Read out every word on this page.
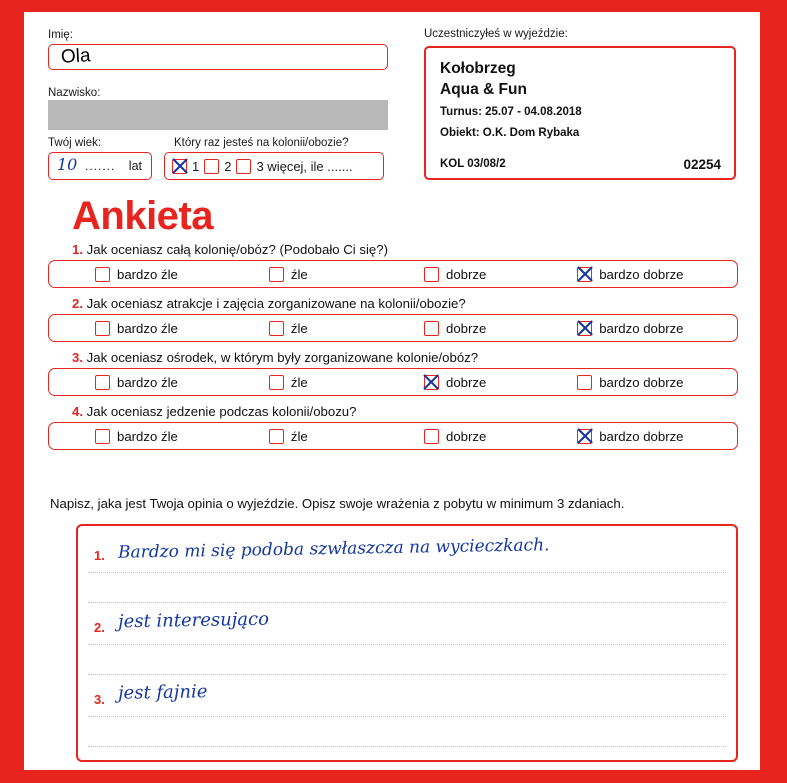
Imię:
Ola
Nazwisko:
Twój wiek:
10 ....... lat
Który raz jesteś na kolonii/obozie?
1 2 3 więcej, ile .......
Uczestniczyłeś w wyjeździe:
Kołobrzeg
Aqua & Fun
Turnus: 25.07 - 04.08.2018
Obiekt: O.K. Dom Rybaka
KOL 03/08/2	02254
Ankieta
1. Jak oceniasz całą kolonię/obóz? (Podobało Ci się?)
bardzo źle	źle	dobrze	bardzo dobrze
2. Jak oceniasz atrakcje i zajęcia zorganizowane na kolonii/obozie?
bardzo źle	źle	dobrze	bardzo dobrze
3. Jak oceniasz ośrodek, w którym były zorganizowane kolonie/obóz?
bardzo źle	źle	dobrze	bardzo dobrze
4. Jak oceniasz jedzenie podczas kolonii/obozu?
bardzo źle	źle	dobrze	bardzo dobrze
Napisz, jaka jest Twoja opinia o wyjeździe. Opisz swoje wrażenia z pobytu w minimum 3 zdaniach.
1. Bardzo mi się podoba szwłaszcza na wycieczkach.
2. jest interesująco
3. jest fajnie
